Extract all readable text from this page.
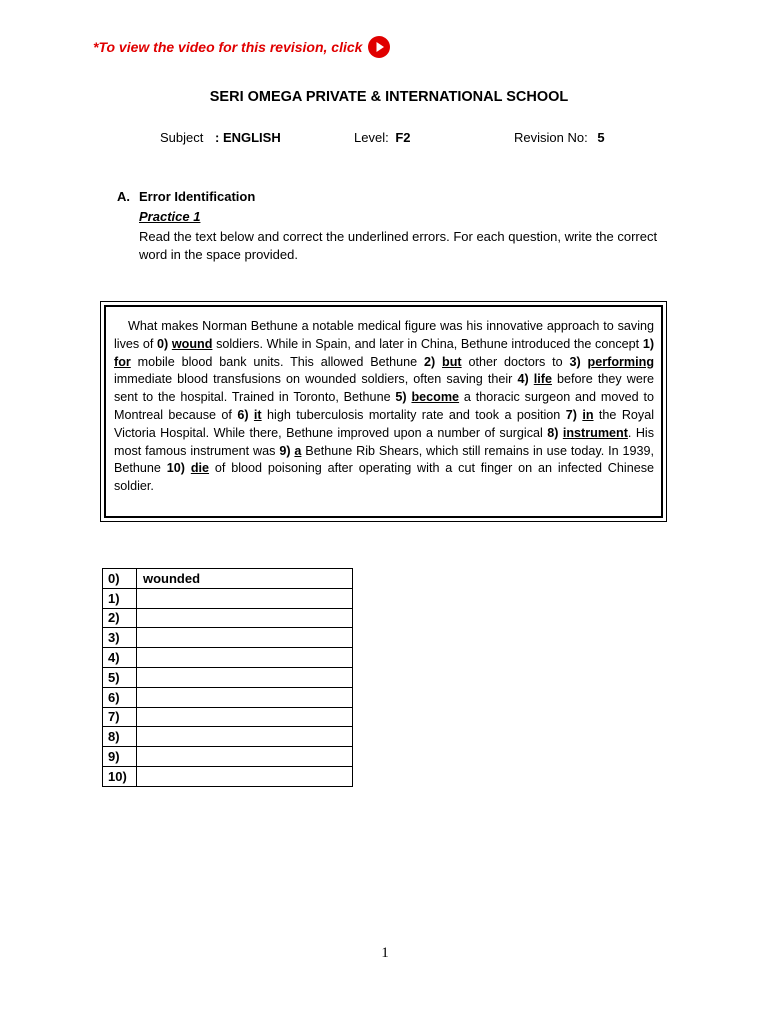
*To view the video for this revision, click
SERI OMEGA PRIVATE & INTERNATIONAL SCHOOL
Subject : ENGLISH	Level: F2	Revision No: 5
A. Error Identification
Practice 1
Read the text below and correct the underlined errors. For each question, write the correct word in the space provided.
What makes Norman Bethune a notable medical figure was his innovative approach to saving lives of 0) wound soldiers. While in Spain, and later in China, Bethune introduced the concept 1) for mobile blood bank units. This allowed Bethune 2) but other doctors to 3) performing immediate blood transfusions on wounded soldiers, often saving their 4) life before they were sent to the hospital. Trained in Toronto, Bethune 5) become a thoracic surgeon and moved to Montreal because of 6) it high tuberculosis mortality rate and took a position 7) in the Royal Victoria Hospital. While there, Bethune improved upon a number of surgical 8) instrument. His most famous instrument was 9) a Bethune Rib Shears, which still remains in use today. In 1939, Bethune 10) die of blood poisoning after operating with a cut finger on an infected Chinese soldier.
0)	wounded
1)	
2)	
3)	
4)	
5)	
6)	
7)	
8)	
9)	
10)	
1
